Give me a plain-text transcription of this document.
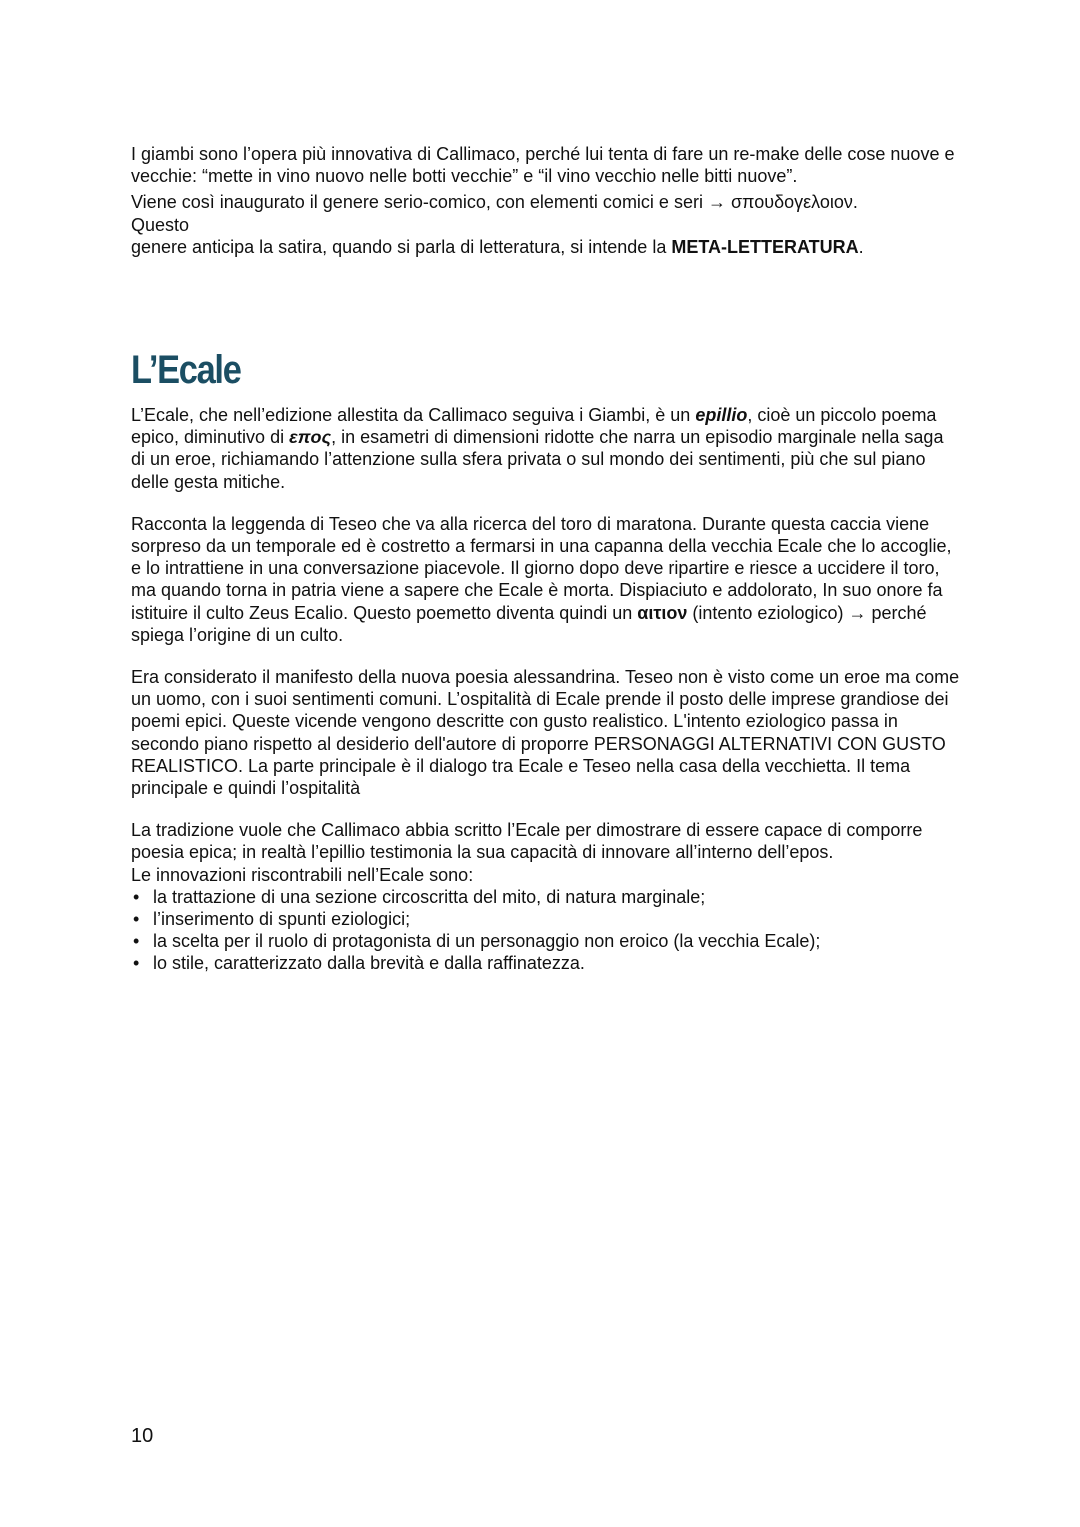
I giambi sono l’opera più innovativa di Callimaco, perché lui tenta di fare un re-make delle cose nuove e vecchie: “mette in vino nuovo nelle botti vecchie” e “il vino vecchio nelle bitti nuove”.

Viene così inaugurato il genere serio-comico, con elementi comici e seri → σπουδογελοιον.

Questo

genere anticipa la satira, quando si parla di letteratura, si intende la META-LETTERATURA.

L’Ecale

L’Ecale, che nell’edizione allestita da Callimaco seguiva i Giambi, è un epillio, cioè un piccolo poema epico, diminutivo di επος, in esametri di dimensioni ridotte che narra un episodio marginale nella saga di un eroe, richiamando l’attenzione sulla sfera privata o sul mondo dei sentimenti, più che sul piano delle gesta mitiche.

Racconta la leggenda di Teseo che va alla ricerca del toro di maratona. Durante questa caccia viene sorpreso da un temporale ed è costretto a fermarsi in una capanna della vecchia Ecale che lo accoglie, e lo intrattiene in una conversazione piacevole. Il giorno dopo deve ripartire e riesce a uccidere il toro, ma quando torna in patria viene a sapere che Ecale è morta. Dispiaciuto e addolorato, In suo onore fa istituire il culto Zeus Ecalio. Questo poemetto diventa quindi un αιτιον (intento eziologico) → perché spiega l’origine di un culto.

Era considerato il manifesto della nuova poesia alessandrina. Teseo non è visto come un eroe ma come un uomo, con i suoi sentimenti comuni. L’ospitalità di Ecale prende il posto delle imprese grandiose dei poemi epici. Queste vicende vengono descritte con gusto realistico. L'intento eziologico passa in secondo piano rispetto al desiderio dell'autore di proporre PERSONAGGI ALTERNATIVI CON GUSTO REALISTICO. La parte principale è il dialogo tra Ecale e Teseo nella casa della vecchietta. Il tema principale e quindi l’ospitalità

La tradizione vuole che Callimaco abbia scritto l’Ecale per dimostrare di essere capace di comporre poesia epica; in realtà l’epillio testimonia la sua capacità di innovare all’interno dell’epos.

Le innovazioni riscontrabili nell’Ecale sono:

• la trattazione di una sezione circoscritta del mito, di natura marginale;
• l’inserimento di spunti eziologici;
• la scelta per il ruolo di protagonista di un personaggio non eroico (la vecchia Ecale);
• lo stile, caratterizzato dalla brevità e dalla raffinatezza.
10
